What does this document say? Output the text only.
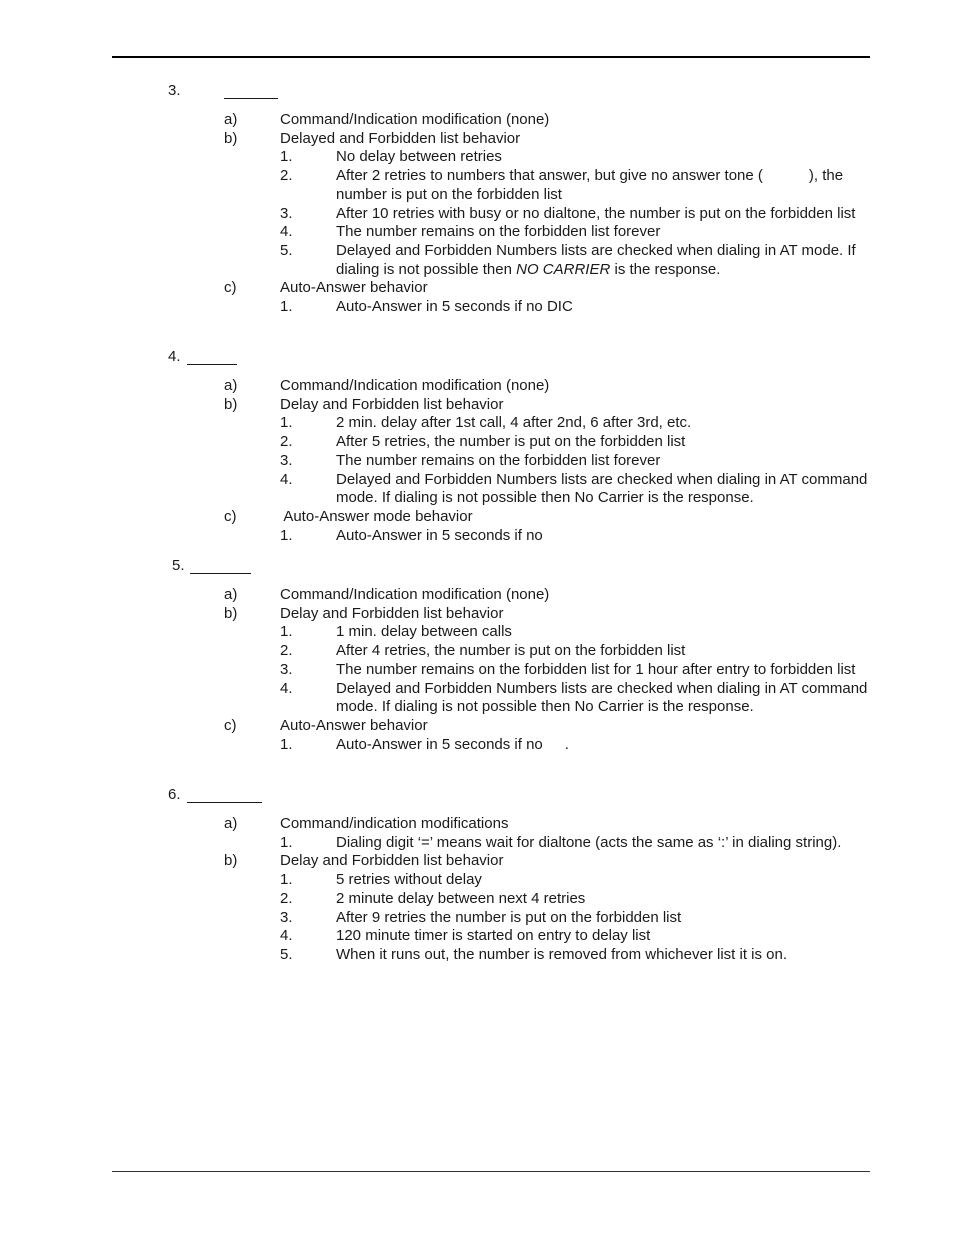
3.
a)	Command/Indication modification (none)
b)	Delayed and Forbidden list behavior
1.	No delay between retries
2.	After 2 retries to numbers that answer, but give no answer tone (	), the number is put on the forbidden list
3.	After 10 retries with busy or no dialtone, the number is put on the forbidden list
4.	The number remains on the forbidden list forever
5.	Delayed and Forbidden Numbers lists are checked when dialing in AT mode. If dialing is not possible then NO CARRIER is the response.
c)	Auto-Answer behavior
1.	Auto-Answer in 5 seconds if no DIC
4.
a)	Command/Indication modification (none)
b)	Delay and Forbidden list behavior
1.	2 min. delay after 1st call, 4 after 2nd, 6 after 3rd, etc.
2.	After 5 retries, the number is put on the forbidden list
3.	The number remains on the forbidden list forever
4.	Delayed and Forbidden Numbers lists are checked when dialing in AT command mode. If dialing is not possible then No Carrier is the response.
c)	Auto-Answer mode behavior
1.	Auto-Answer in 5 seconds if no
5.
a)	Command/Indication modification (none)
b)	Delay and Forbidden list behavior
1.	1 min. delay between calls
2.	After 4 retries, the number is put on the forbidden list
3.	The number remains on the forbidden list for 1 hour after entry to forbidden list
4.	Delayed and Forbidden Numbers lists are checked when dialing in AT command mode. If dialing is not possible then No Carrier is the response.
c)	Auto-Answer behavior
1.	Auto-Answer in 5 seconds if no .
6.
a)	Command/indication modifications
1.	Dialing digit ‘=’ means wait for dialtone (acts the same as ‘:’ in dialing string).
b)	Delay and Forbidden list behavior
1.	5 retries without delay
2.	2 minute delay between next 4 retries
3.	After 9 retries the number is put on the forbidden list
4.	120 minute timer is started on entry to delay list
5.	When it runs out, the number is removed from whichever list it is on.
